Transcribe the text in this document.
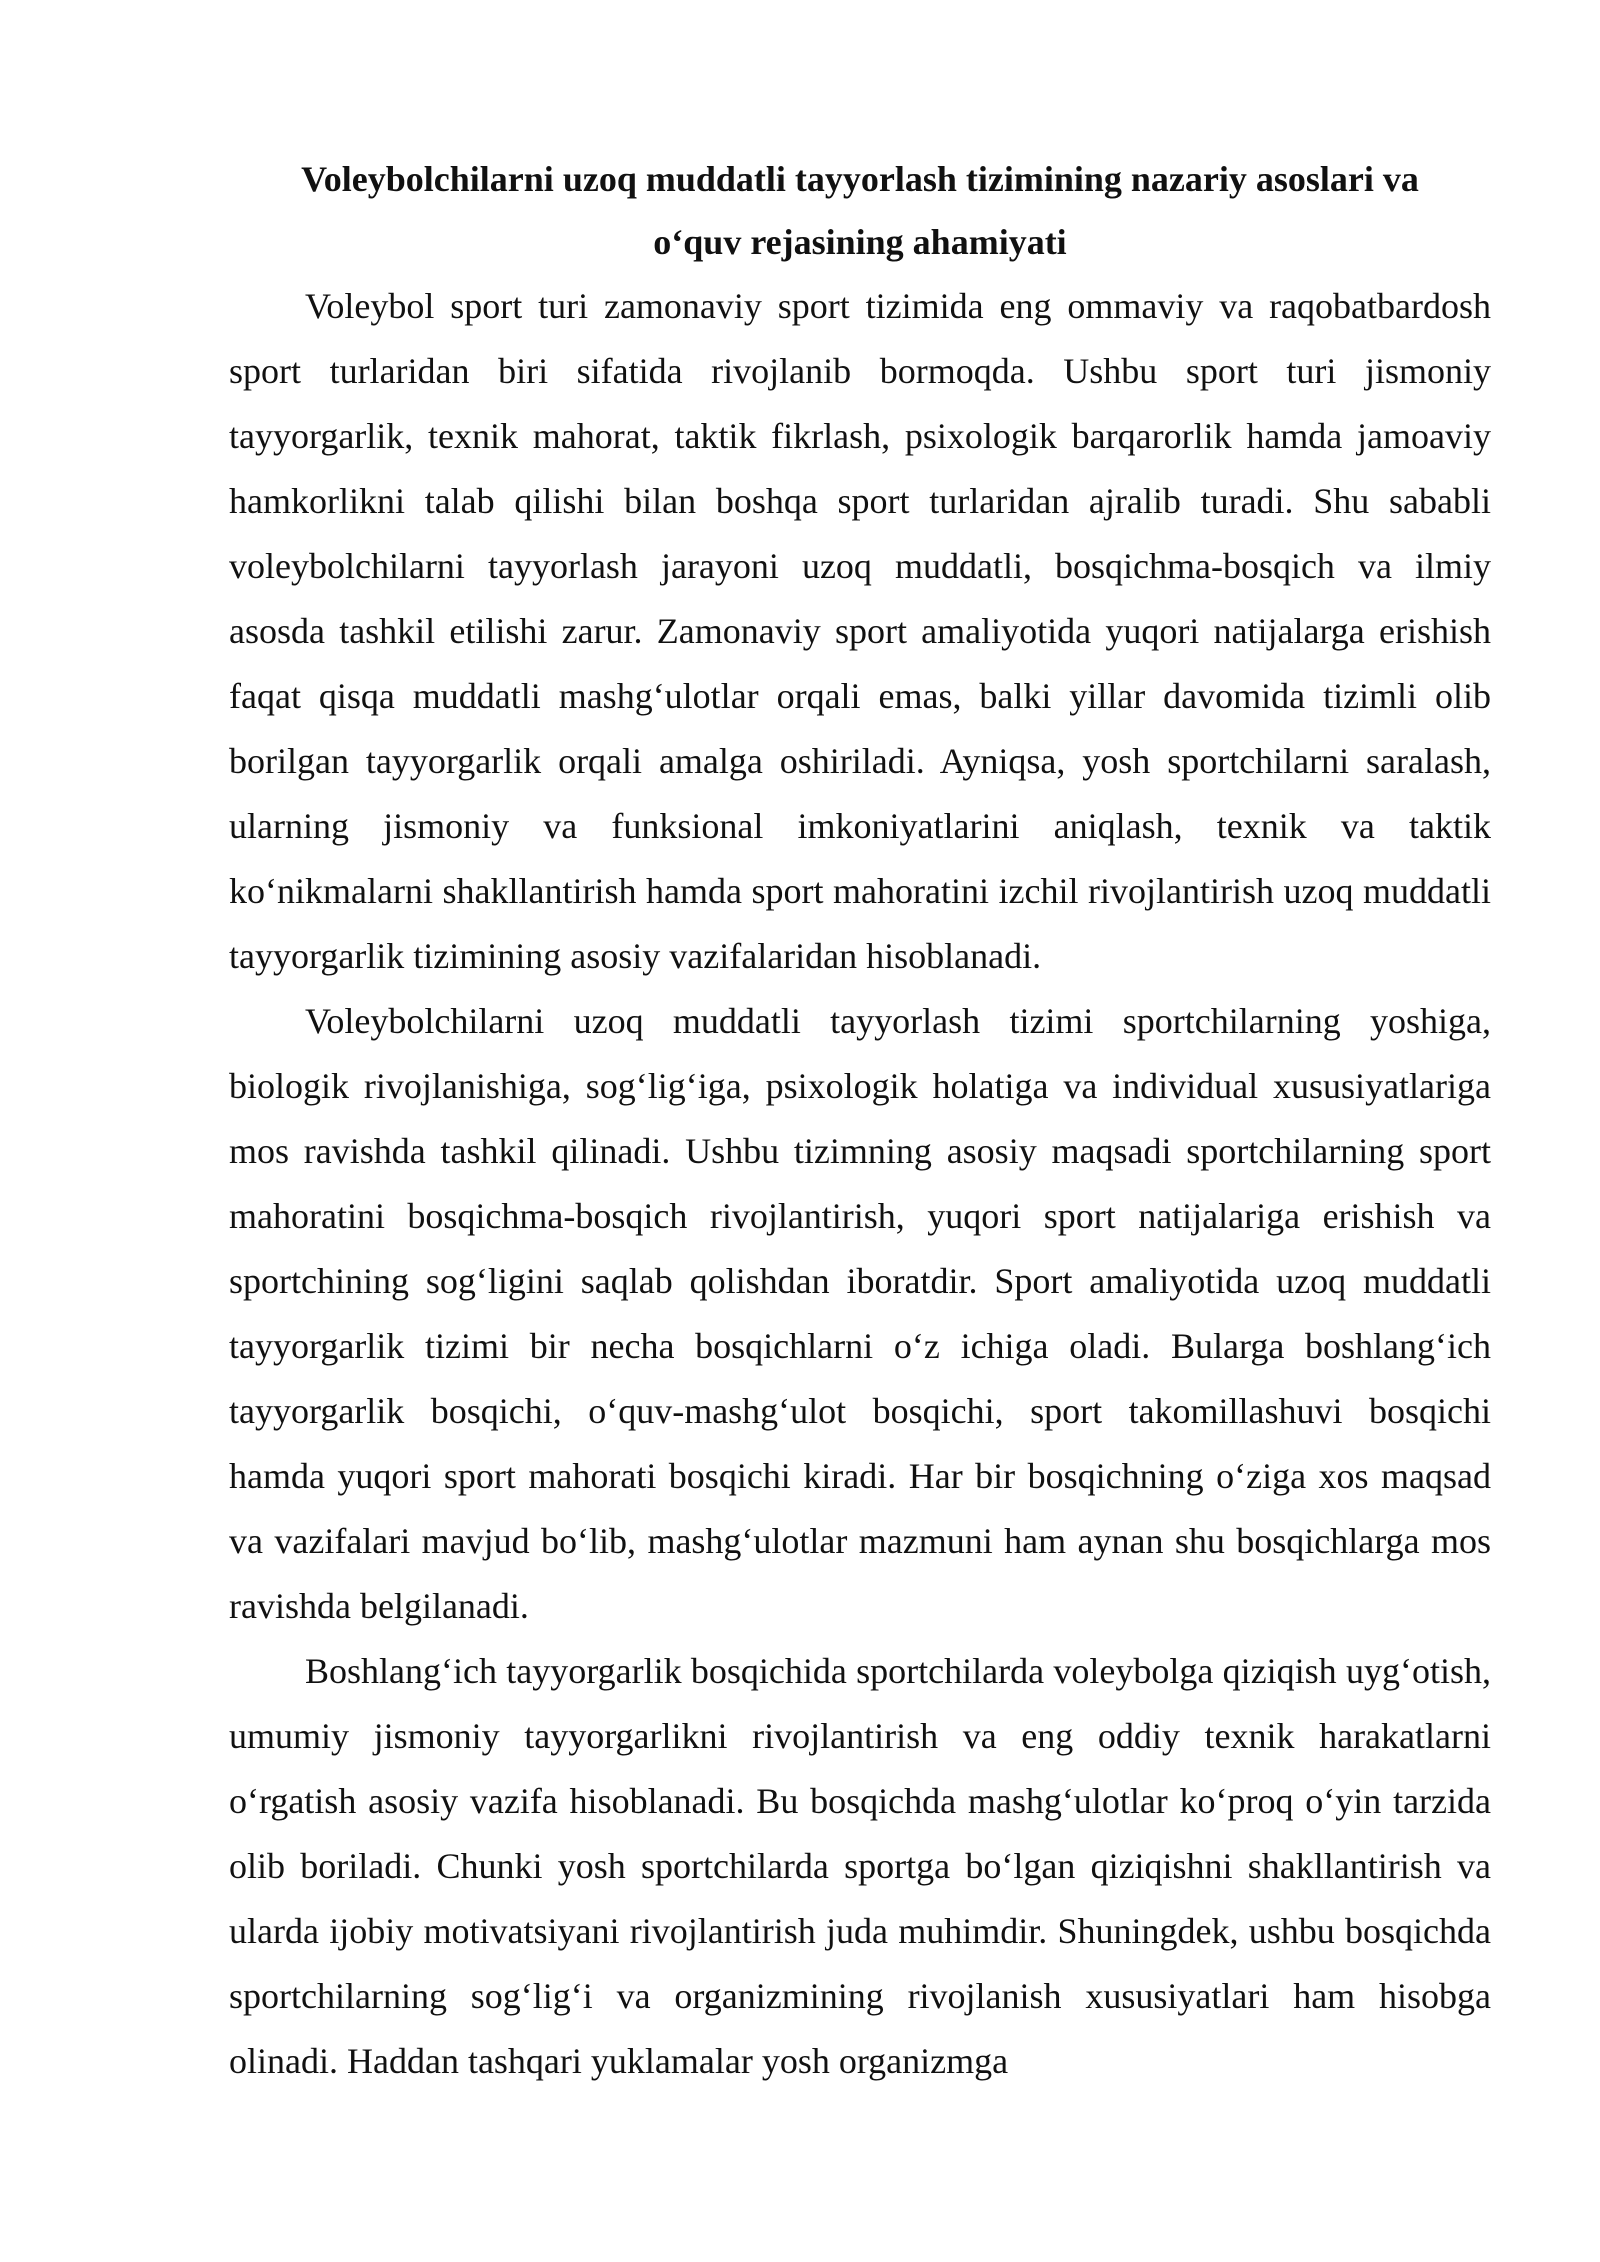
Voleybolchilarni uzoq muddatli tayyorlash tizimining nazariy asoslari va
o‘quv rejasining ahamiyati

Voleybol sport turi zamonaviy sport tizimida eng ommaviy va raqobatbardosh sport turlaridan biri sifatida rivojlanib bormoqda. Ushbu sport turi jismoniy tayyorgarlik, texnik mahorat, taktik fikrlash, psixologik barqarorlik hamda jamoaviy hamkorlikni talab qilishi bilan boshqa sport turlaridan ajralib turadi. Shu sababli voleybolchilarni tayyorlash jarayoni uzoq muddatli, bosqichma-bosqich va ilmiy asosda tashkil etilishi zarur. Zamonaviy sport amaliyotida yuqori natijalarga erishish faqat qisqa muddatli mashg‘ulotlar orqali emas, balki yillar davomida tizimli olib borilgan tayyorgarlik orqali amalga oshiriladi. Ayniqsa, yosh sportchilarni saralash, ularning jismoniy va funksional imkoniyatlarini aniqlash, texnik va taktik ko‘nikmalarni shakllantirish hamda sport mahoratini izchil rivojlantirish uzoq muddatli tayyorgarlik tizimining asosiy vazifalaridan hisoblanadi.

Voleybolchilarni uzoq muddatli tayyorlash tizimi sportchilarning yoshiga, biologik rivojlanishiga, sog‘lig‘iga, psixologik holatiga va individual xususiyatlariga mos ravishda tashkil qilinadi. Ushbu tizimning asosiy maqsadi sportchilarning sport mahoratini bosqichma-bosqich rivojlantirish, yuqori sport natijalariga erishish va sportchining sog‘ligini saqlab qolishdan iboratdir. Sport amaliyotida uzoq muddatli tayyorgarlik tizimi bir necha bosqichlarni o‘z ichiga oladi. Bularga boshlang‘ich tayyorgarlik bosqichi, o‘quv-mashg‘ulot bosqichi, sport takomillashuvi bosqichi hamda yuqori sport mahorati bosqichi kiradi. Har bir bosqichning o‘ziga xos maqsad va vazifalari mavjud bo‘lib, mashg‘ulotlar mazmuni ham aynan shu bosqichlarga mos ravishda belgilanadi.

Boshlang‘ich tayyorgarlik bosqichida sportchilarda voleybolga qiziqish uyg‘otish, umumiy jismoniy tayyorgarlikni rivojlantirish va eng oddiy texnik harakatlarni o‘rgatish asosiy vazifa hisoblanadi. Bu bosqichda mashg‘ulotlar ko‘proq o‘yin tarzida olib boriladi. Chunki yosh sportchilarda sportga bo‘lgan qiziqishni shakllantirish va ularda ijobiy motivatsiyani rivojlantirish juda muhimdir. Shuningdek, ushbu bosqichda sportchilarning sog‘lig‘i va organizmining rivojlanish xususiyatlari ham hisobga olinadi. Haddan tashqari yuklamalar yosh organizmga
